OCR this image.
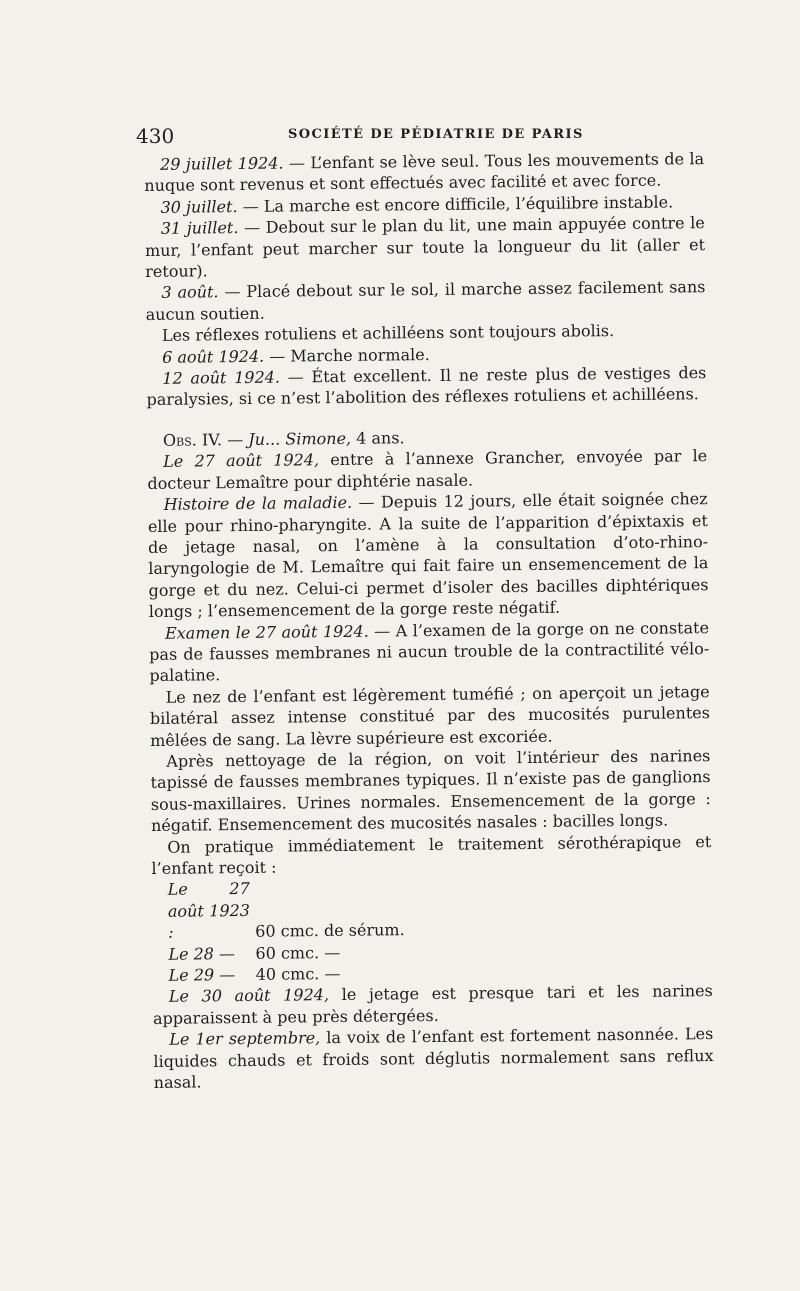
430	SOCIÉTÉ DE PÉDIATRIE DE PARIS

29 juillet 1924. — L’enfant se lève seul. Tous les mouvements de la nuque sont revenus et sont effectués avec facilité et avec force.

30 juillet. — La marche est encore difficile, l’équilibre instable.

31 juillet. — Debout sur le plan du lit, une main appuyée contre le mur, l’enfant peut marcher sur toute la longueur du lit (aller et retour).

3 août. — Placé debout sur le sol, il marche assez facilement sans aucun soutien.

Les réflexes rotuliens et achilléens sont toujours abolis.

6 août 1924. — Marche normale.

12 août 1924. — État excellent. Il ne reste plus de vestiges des paralysies, si ce n’est l’abolition des réflexes rotuliens et achilléens.

Obs. IV. — Ju... Simone, 4 ans.

Le 27 août 1924, entre à l’annexe Grancher, envoyée par le docteur Lemaître pour diphtérie nasale.

Histoire de la maladie. — Depuis 12 jours, elle était soignée chez elle pour rhino-pharyngite. A la suite de l’apparition d’épixtaxis et de jetage nasal, on l’amène à la consultation d’oto-rhino-laryngologie de M. Lemaître qui fait faire un ensemencement de la gorge et du nez. Celui-ci permet d’isoler des bacilles diphtériques longs ; l’ensemencement de la gorge reste négatif.

Examen le 27 août 1924. — A l’examen de la gorge on ne constate pas de fausses membranes ni aucun trouble de la contractilité vélo-palatine.

Le nez de l’enfant est légèrement tuméfié ; on aperçoit un jetage bilatéral assez intense constitué par des mucosités purulentes mêlées de sang. La lèvre supérieure est excoriée.

Après nettoyage de la région, on voit l’intérieur des narines tapissé de fausses membranes typiques. Il n’existe pas de ganglions sous-maxillaires. Urines normales. Ensemencement de la gorge : négatif. Ensemencement des mucosités nasales : bacilles longs.

On pratique immédiatement le traitement sérothérapique et l’enfant reçoit :

Le 27 août 1923 :	60 cmc. de sérum.

Le 28 — 60 cmc. —

Le 29 — 40 cmc. —

Le 30 août 1924, le jetage est presque tari et les narines apparaissent à peu près détergées.

Le 1er septembre, la voix de l’enfant est fortement nasonnée. Les liquides chauds et froids sont déglutis normalement sans reflux nasal.
